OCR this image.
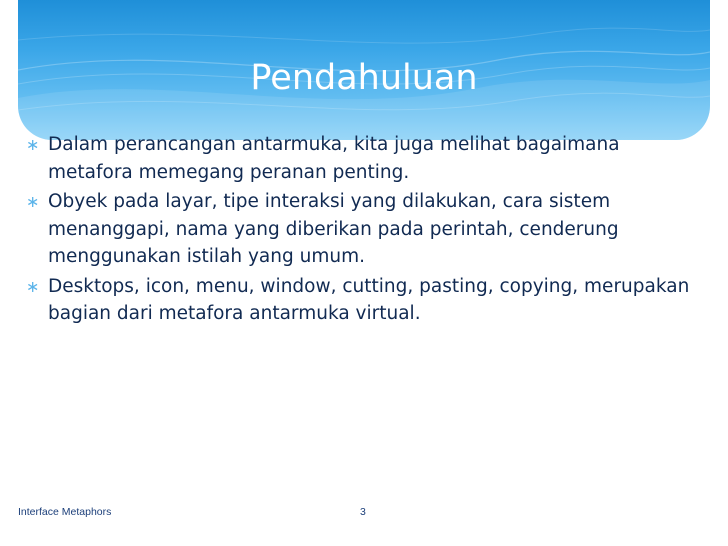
Pendahuluan
∗ Dalam perancangan antarmuka, kita juga melihat bagaimana metafora memegang peranan penting.
∗ Obyek pada layar, tipe interaksi yang dilakukan, cara sistem menanggapi, nama yang diberikan pada perintah, cenderung menggunakan istilah yang umum.
∗ Desktops, icon, menu, window, cutting, pasting, copying, merupakan bagian dari metafora antarmuka virtual.
Interface Metaphors	3
